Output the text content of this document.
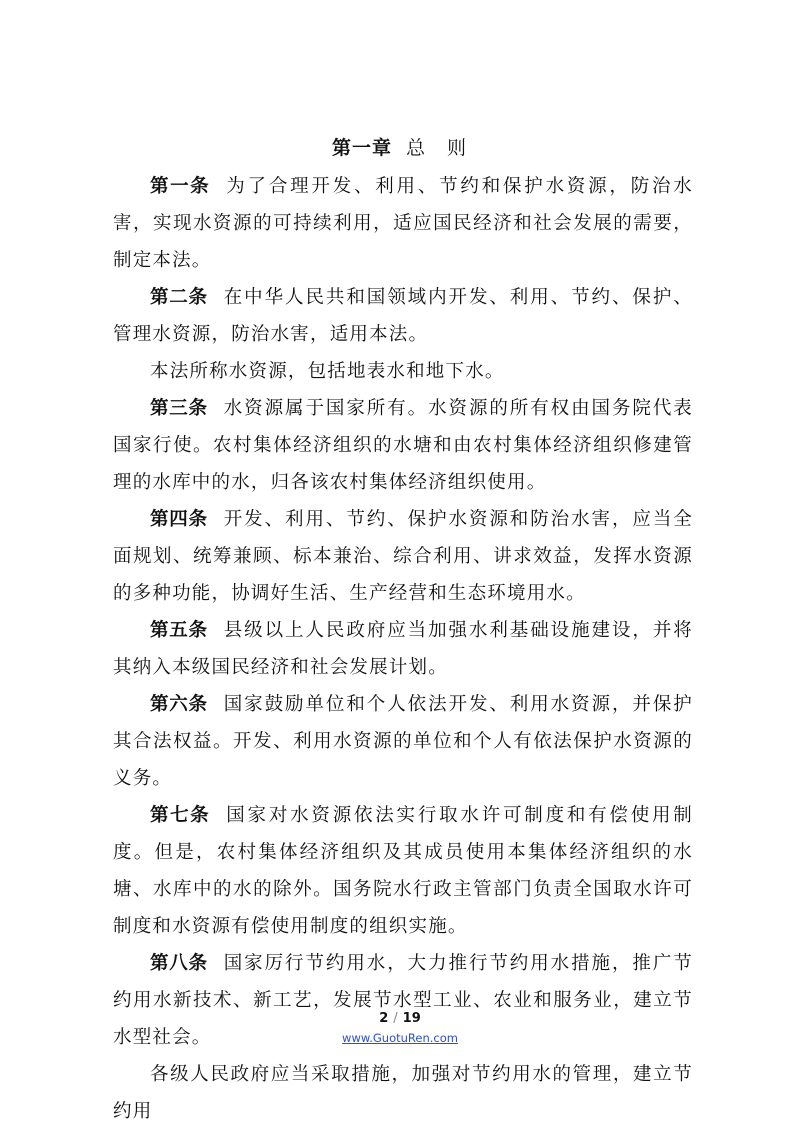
第一章 总 则

第一条 为了合理开发、利用、节约和保护水资源，防治水害，实现水资源的可持续利用，适应国民经济和社会发展的需要，制定本法。

第二条 在中华人民共和国领域内开发、利用、节约、保护、管理水资源，防治水害，适用本法。

本法所称水资源，包括地表水和地下水。

第三条 水资源属于国家所有。水资源的所有权由国务院代表国家行使。农村集体经济组织的水塘和由农村集体经济组织修建管理的水库中的水，归各该农村集体经济组织使用。

第四条 开发、利用、节约、保护水资源和防治水害，应当全面规划、统筹兼顾、标本兼治、综合利用、讲求效益，发挥水资源的多种功能，协调好生活、生产经营和生态环境用水。

第五条 县级以上人民政府应当加强水利基础设施建设，并将其纳入本级国民经济和社会发展计划。

第六条 国家鼓励单位和个人依法开发、利用水资源，并保护其合法权益。开发、利用水资源的单位和个人有依法保护水资源的义务。

第七条 国家对水资源依法实行取水许可制度和有偿使用制度。但是，农村集体经济组织及其成员使用本集体经济组织的水塘、水库中的水的除外。国务院水行政主管部门负责全国取水许可制度和水资源有偿使用制度的组织实施。

第八条 国家厉行节约用水，大力推行节约用水措施，推广节约用水新技术、新工艺，发展节水型工业、农业和服务业，建立节水型社会。

各级人民政府应当采取措施，加强对节约用水的管理，建立节约用

2 / 19
www.GuotuRen.com
